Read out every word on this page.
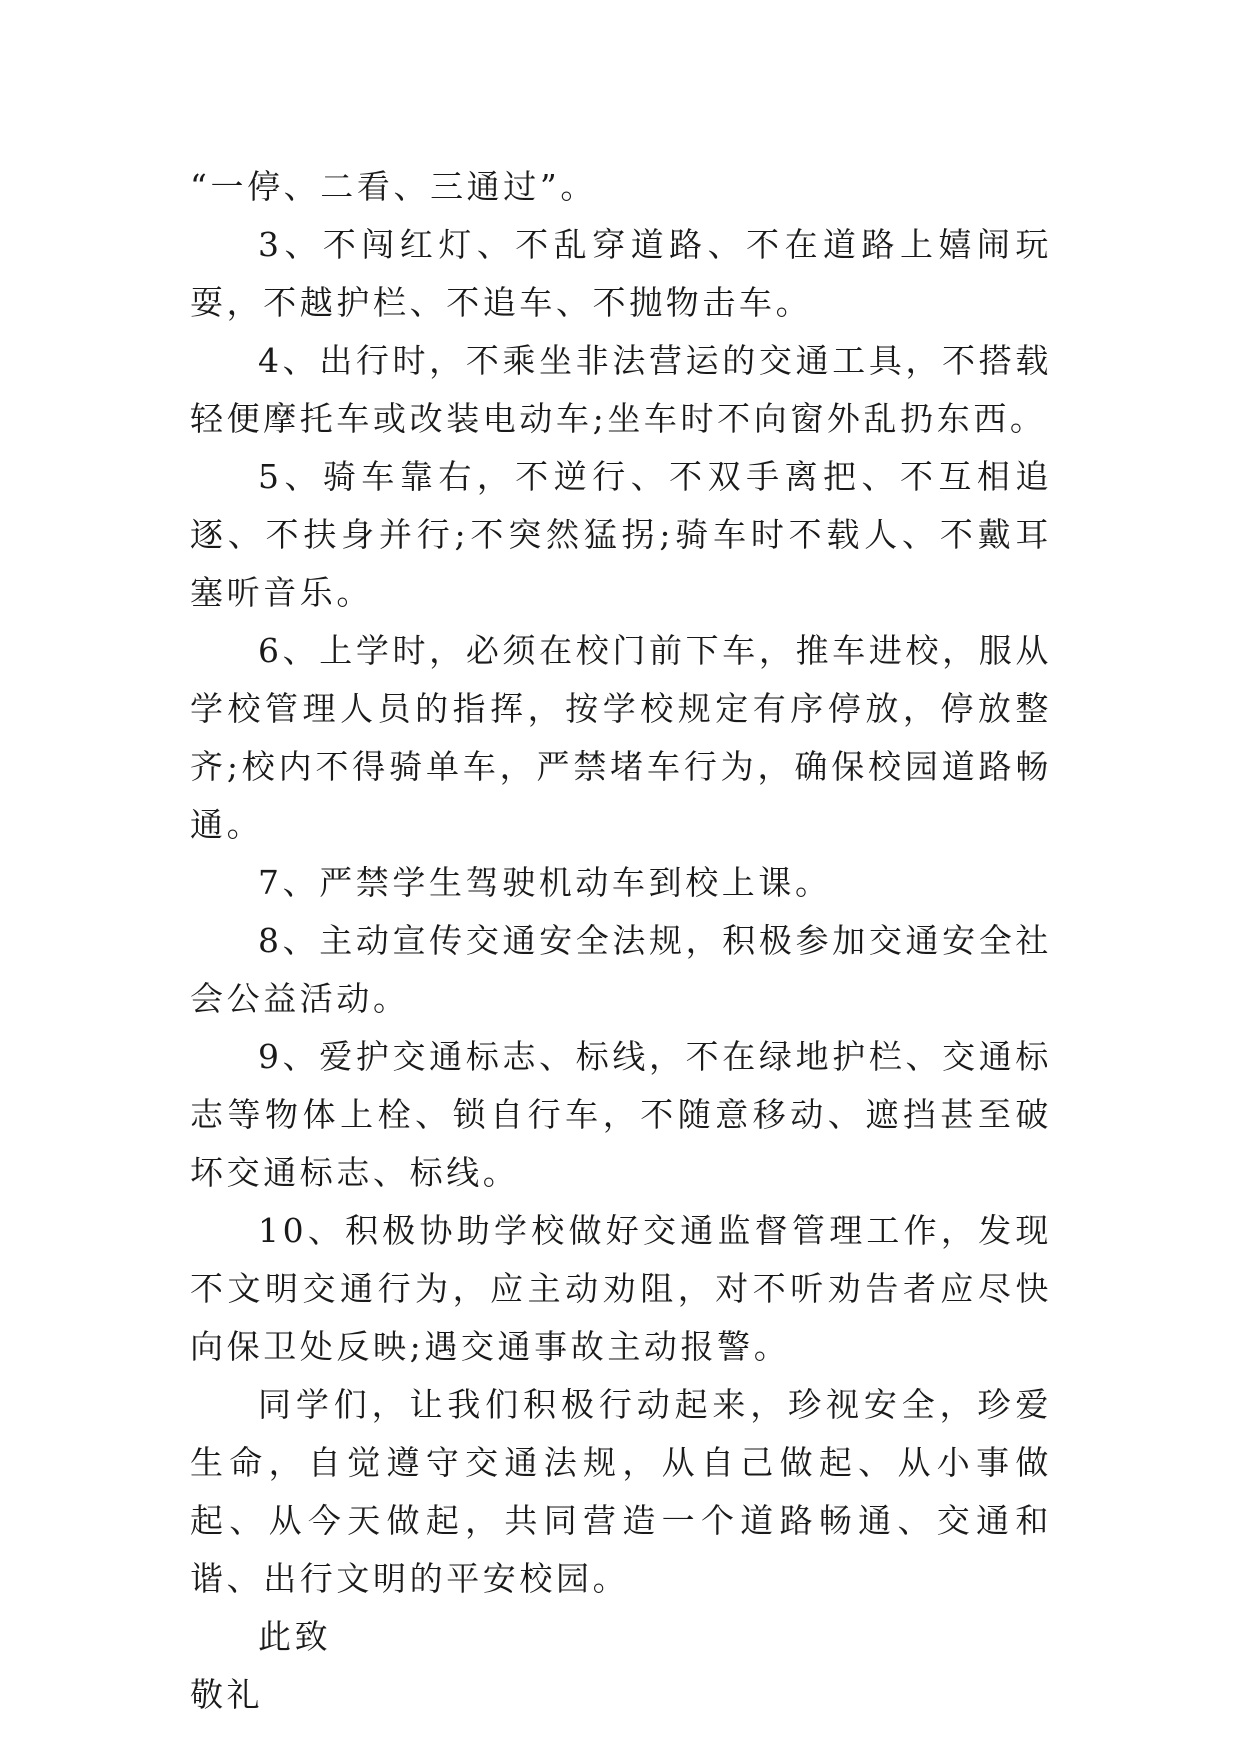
“一停、二看、三通过”。

3、不闯红灯、不乱穿道路、不在道路上嬉闹玩耍，不越护栏、不追车、不抛物击车。

4、出行时，不乘坐非法营运的交通工具，不搭载轻便摩托车或改装电动车;坐车时不向窗外乱扔东西。

5、骑车靠右，不逆行、不双手离把、不互相追逐、不扶身并行;不突然猛拐;骑车时不载人、不戴耳塞听音乐。

6、上学时，必须在校门前下车，推车进校，服从学校管理人员的指挥，按学校规定有序停放，停放整齐;校内不得骑单车，严禁堵车行为，确保校园道路畅通。

7、严禁学生驾驶机动车到校上课。

8、主动宣传交通安全法规，积极参加交通安全社会公益活动。

9、爱护交通标志、标线，不在绿地护栏、交通标志等物体上栓、锁自行车，不随意移动、遮挡甚至破坏交通标志、标线。

10、积极协助学校做好交通监督管理工作，发现不文明交通行为，应主动劝阻，对不听劝告者应尽快向保卫处反映;遇交通事故主动报警。

同学们，让我们积极行动起来，珍视安全，珍爱生命，自觉遵守交通法规，从自己做起、从小事做起、从今天做起，共同营造一个道路畅通、交通和谐、出行文明的平安校园。

此致

敬礼
